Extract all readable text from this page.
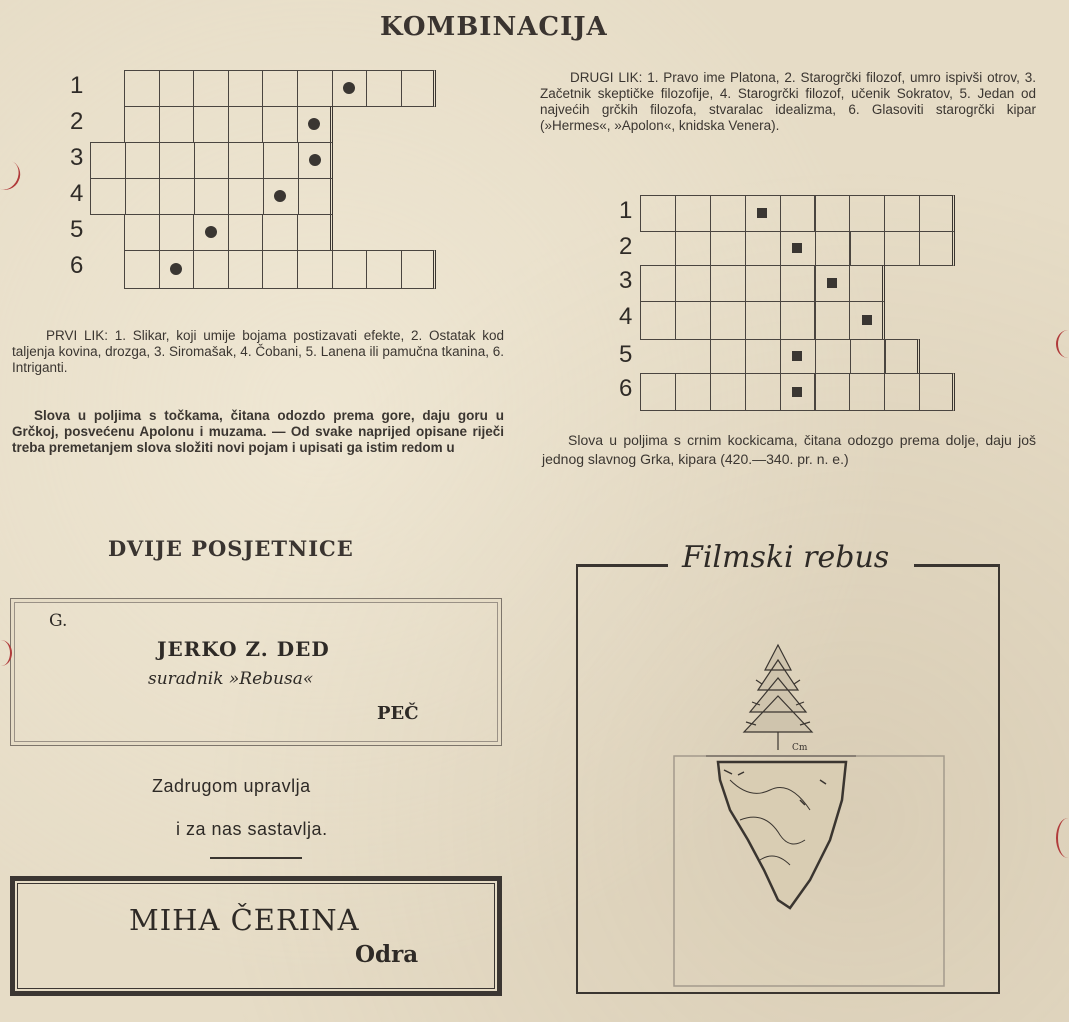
KOMBINACIJA
1
2
3
4
5
6
PRVI LIK: 1. Slikar, koji umije bojama postizavati efekte, 2. Ostatak kod taljenja kovina, drozga, 3. Siromašak, 4. Čobani, 5. Lanena ili pamučna tkanina, 6. Intriganti.
Slova u poljima s točkama, čitana odozdo prema gore, daju goru u Grčkoj, posvećenu Apolonu i muzama. — Od svake naprijed opisane riječi treba premetanjem slova složiti novi pojam i upisati ga istim redom u
DRUGI LIK: 1. Pravo ime Platona, 2. Starogrčki filozof, umro ispivši otrov, 3. Začetnik skeptičke filozofije, 4. Starogrčki filozof, učenik Sokratov, 5. Jedan od najvećih grčkih filozofa, stvaralac idealizma, 6. Glasoviti starogrčki kipar (»Hermes«, »Apolon«, knidska Venera).
1
2
3
4
5
6
Slova u poljima s crnim kockicama, čitana odozgo prema dolje, daju još jednog slavnog Grka, kipara (420.—340. pr. n. e.)
DVIJE POSJETNICE
G.
JERKO Z. DED
suradnik »Rebusa«
PEČ
Zadrugom upravlja
i za nas sastavlja.
MIHA ČERINA
Odra
Filmski rebus
Cm
